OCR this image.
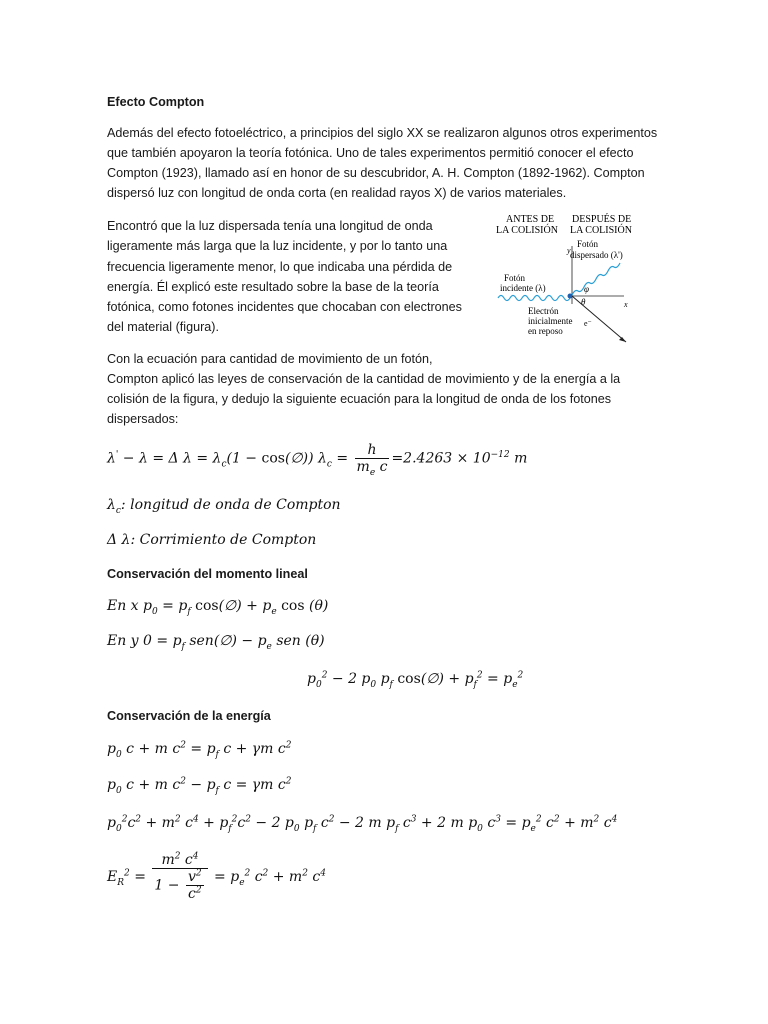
Efecto Compton
Además del efecto fotoeléctrico, a principios del siglo XX se realizaron algunos otros experimentos
que también apoyaron la teoría fotónica. Uno de tales experimentos permitió conocer el efecto
Compton (1923), llamado así en honor de su descubridor, A. H. Compton (1892-1962). Compton
dispersó luz con longitud de onda corta (en realidad rayos X) de varios materiales.
Encontró que la luz dispersada tenía una longitud de onda
ligeramente más larga que la luz incidente, y por lo tanto una
frecuencia ligeramente menor, lo que indicaba una pérdida de
energía. Él explicó este resultado sobre la base de la teoría
fotónica, como fotones incidentes que chocaban con electrones
del material (figura).
ANTES DE
LA COLISIÓN
DESPUÉS DE
LA COLISIÓN
y
x
Fotón
dispersado (λ')
Fotón
incidente (λ)	φ
θ
e⁻
Electrón
inicialmente
en reposo
Con la ecuación para cantidad de movimiento de un fotón,
Compton aplicó las leyes de conservación de la cantidad de movimiento y de la energía a la
colisión de la figura, y dedujo la siguiente ecuación para la longitud de onda de los fotones
dispersados:
λ' − λ = Δ $\lambda = \lambda_c(1$ − cos(∅)) $\lambda_c = \frac{h}{m_e c} =2.4263 \times 10^{-12}$ m
$\lambda_c$: longitud de onda de Compton
Δ λ: Corrimiento de Compton
Conservación del momento lineal
En x $p_0 = p_f$ cos(∅) + $p_e$ cos (θ)
En y $0 = p_f$ sen(∅) − $p_e$ sen (θ)
$p_0^2 - 2$ $p_0$ $p_f$ cos(∅) + $p_f^2 = p_e^2$
Conservación de la energía
$p_0$ c + m $c^2 = p_f$ c + γm $c^2$
$p_0$ c + m $c^2 - p_f$ c = γm $c^2$
$p_0^2c^2 + m^2$ $c^4 + p_f^2c^2 - 2$ $p_0$ $p_f$ $c^2 - 2$ m $p_f$ $c^3 + 2$ m $p_0$ $c^3 = p_e^2$ $c^2 + m^2$ $c^4$
$E_R^2 = \frac{m^2 c^4}{1 - \frac{v^2}{c^2}} = p_e^2$ $c^2 + m^2$ $c^4$
